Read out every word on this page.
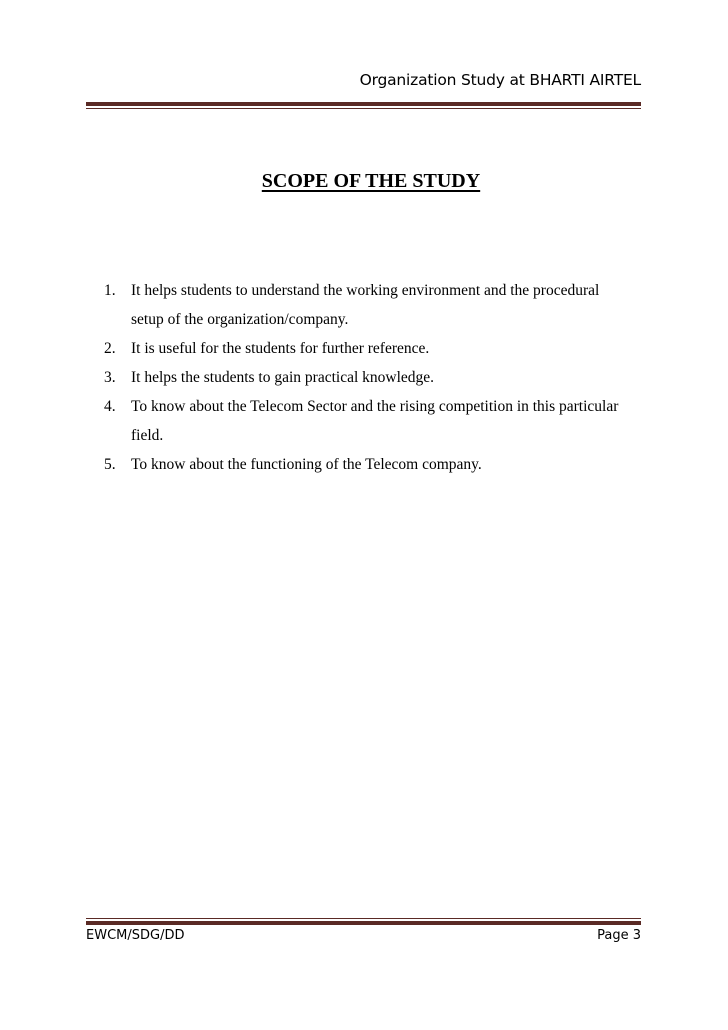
Organization Study at BHARTI AIRTEL
SCOPE OF THE STUDY
1. It helps students to understand the working environment and the procedural setup of the organization/company.
2. It is useful for the students for further reference.
3. It helps the students to gain practical knowledge.
4. To know about the Telecom Sector and the rising competition in this particular field.
5. To know about the functioning of the Telecom company.
EWCM/SDG/DD	Page 3
